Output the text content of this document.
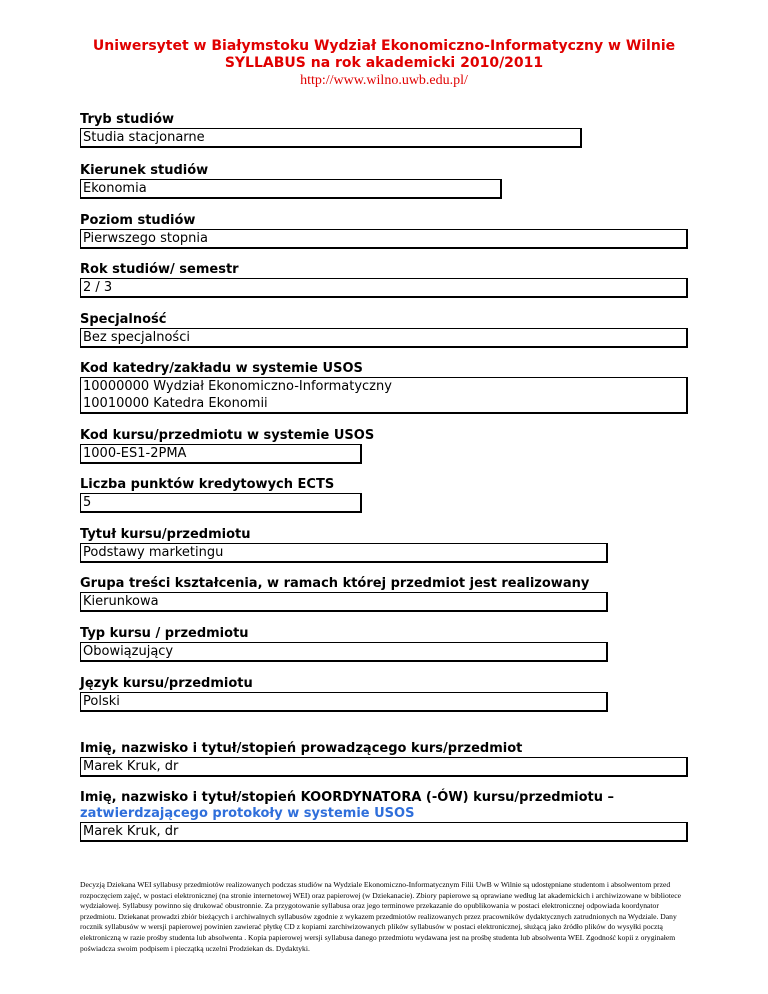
Uniwersytet w Białymstoku Wydział Ekonomiczno-Informatyczny w Wilnie
SYLLABUS na rok akademicki 2010/2011
http://www.wilno.uwb.edu.pl/
Tryb studiów
Studia stacjonarne
Kierunek studiów
Ekonomia
Poziom studiów
Pierwszego stopnia
Rok studiów/ semestr
2 / 3
Specjalność
Bez specjalności
Kod katedry/zakładu w systemie USOS
10000000 Wydział Ekonomiczno-Informatyczny
10010000 Katedra Ekonomii
Kod kursu/przedmiotu w systemie USOS
1000-ES1-2PMA
Liczba punktów kredytowych ECTS
5
Tytuł kursu/przedmiotu
Podstawy marketingu
Grupa treści kształcenia, w ramach której przedmiot jest realizowany
Kierunkowa
Typ kursu / przedmiotu
Obowiązujący
Język kursu/przedmiotu
Polski
Imię, nazwisko i tytuł/stopień prowadzącego kurs/przedmiot
Marek Kruk, dr
Imię, nazwisko i tytuł/stopień KOORDYNATORA (-ÓW) kursu/przedmiotu –
zatwierdzającego protokoły w systemie USOS
Marek Kruk, dr
Decyzją Dziekana WEI syllabusy przedmiotów realizowanych podczas studiów na Wydziale Ekonomiczno-Informatycznym Filii UwB w Wilnie są udostępniane studentom i absolwentom przed rozpoczęciem zajęć, w postaci elektronicznej (na stronie internetowej WEI) oraz papierowej (w Dziekanacie). Zbiory papierowe są oprawiane według lat akademickich i archiwizowane w bibliotece wydziałowej. Syllabusy powinno się drukować obustronnie. Za przygotowanie syllabusa oraz jego terminowe przekazanie do opublikowania w postaci elektronicznej odpowiada koordynator przedmiotu. Dziekanat prowadzi zbiór bieżących i archiwalnych syllabusów zgodnie z wykazem przedmiotów realizowanych przez pracowników dydaktycznych zatrudnionych na Wydziale. Dany rocznik syllabusów w wersji papierowej powinien zawierać płytkę CD z kopiami zarchiwizowanych plików syllabusów w postaci elektronicznej, służącą jako źródło plików do wysyłki pocztą elektroniczną w razie prośby studenta lub absolwenta . Kopia papierowej wersji syllabusa danego przedmiotu wydawana jest na prośbę studenta lub absolwenta WEI. Zgodność kopii z oryginałem poświadcza swoim podpisem i pieczątką uczelni Prodziekan ds. Dydaktyki.
